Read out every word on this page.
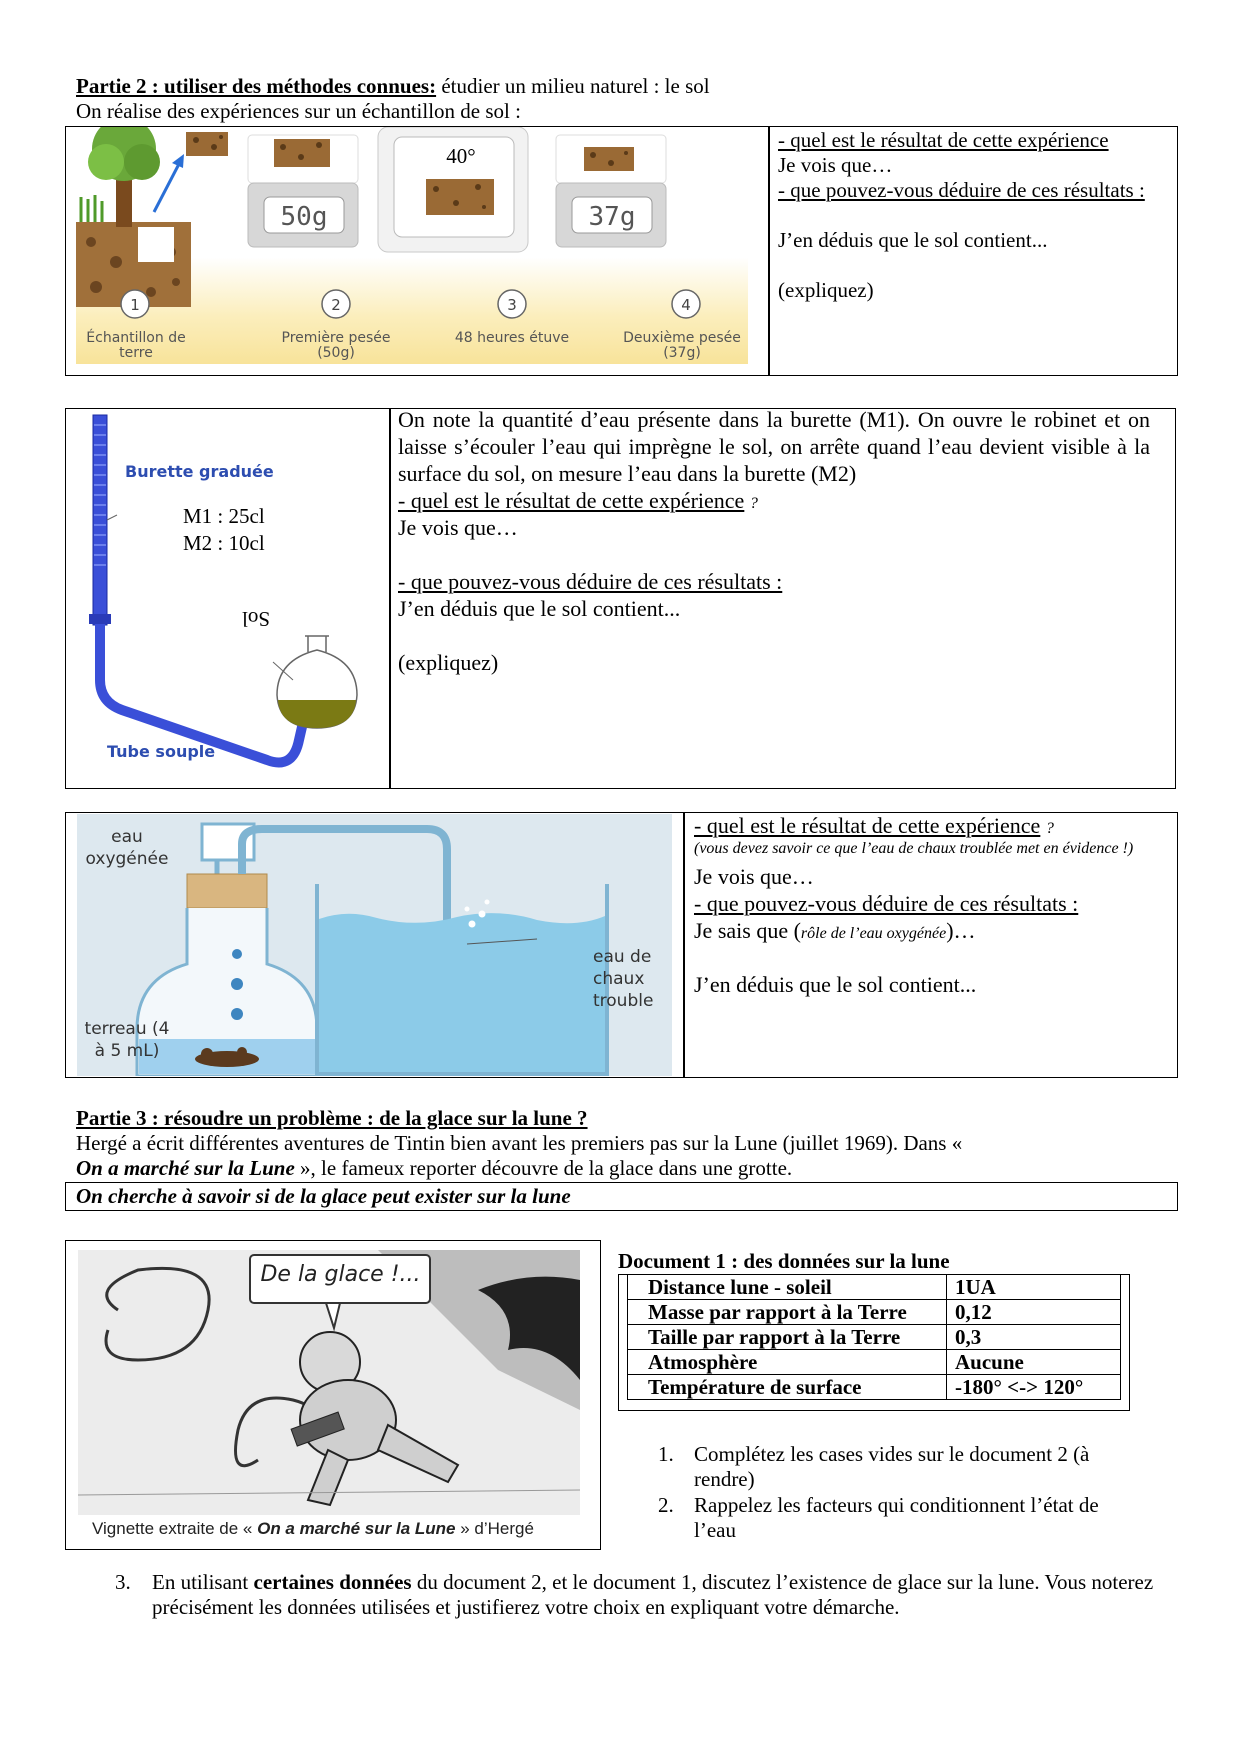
Partie 2 : utiliser des méthodes connues: étudier un milieu naturel : le sol
On réalise des expériences sur un échantillon de sol :
50g
40°
37g
1	2	3	4
Échantillon de terre
Première pesée (50g)
48 heures étuve	Deuxième pesée (37g)
- quel est le résultat de cette expérience
Je vois que…
- que pouvez-vous déduire de ces résultats :
J’en déduis que le sol contient...
(expliquez)
Burette graduée
M1 : 25cl
M2 : 10cl
Sol
Tube souple
On note la quantité d’eau présente dans la burette (M1). On ouvre le robinet et on laisse s’écouler l’eau qui imprègne le sol, on arrête quand l’eau devient visible à la surface du sol, on mesure l’eau dans la burette (M2)
- quel est le résultat de cette expérience ?
Je vois que…
- que pouvez-vous déduire de ces résultats :
J’en déduis que le sol contient...
(expliquez)
eau oxygénée
terreau (4 à 5 mL)
eau de chaux trouble
- quel est le résultat de cette expérience ?
(vous devez savoir ce que l’eau de chaux troublée met en évidence !)
Je vois que…
- que pouvez-vous déduire de ces résultats :
Je sais que (rôle de l’eau oxygénée)…
J’en déduis que le sol contient...
Partie 3 : résoudre un problème : de la glace sur la lune ?
Hergé a écrit différentes aventures de Tintin bien avant les premiers pas sur la Lune (juillet 1969). Dans «
On a marché sur la Lune », le fameux reporter découvre de la glace dans une grotte.
On cherche à savoir si de la glace peut exister sur la lune
De la glace !...
Vignette extraite de « On a marché sur la Lune » d’Hergé
Document 1 : des données sur la lune
Distance lune - soleil	1UA
Masse par rapport à la Terre	0,12
Taille par rapport à la Terre	0,3
Atmosphère	Aucune
Température de surface	-180° <-> 120°
1. Complétez les cases vides sur le document 2 (à rendre)
2. Rappelez les facteurs qui conditionnent l’état de l’eau
3. En utilisant certaines données du document 2, et le document 1, discutez l’existence de glace sur la lune. Vous noterez précisément les données utilisées et justifierez votre choix en expliquant votre démarche.
